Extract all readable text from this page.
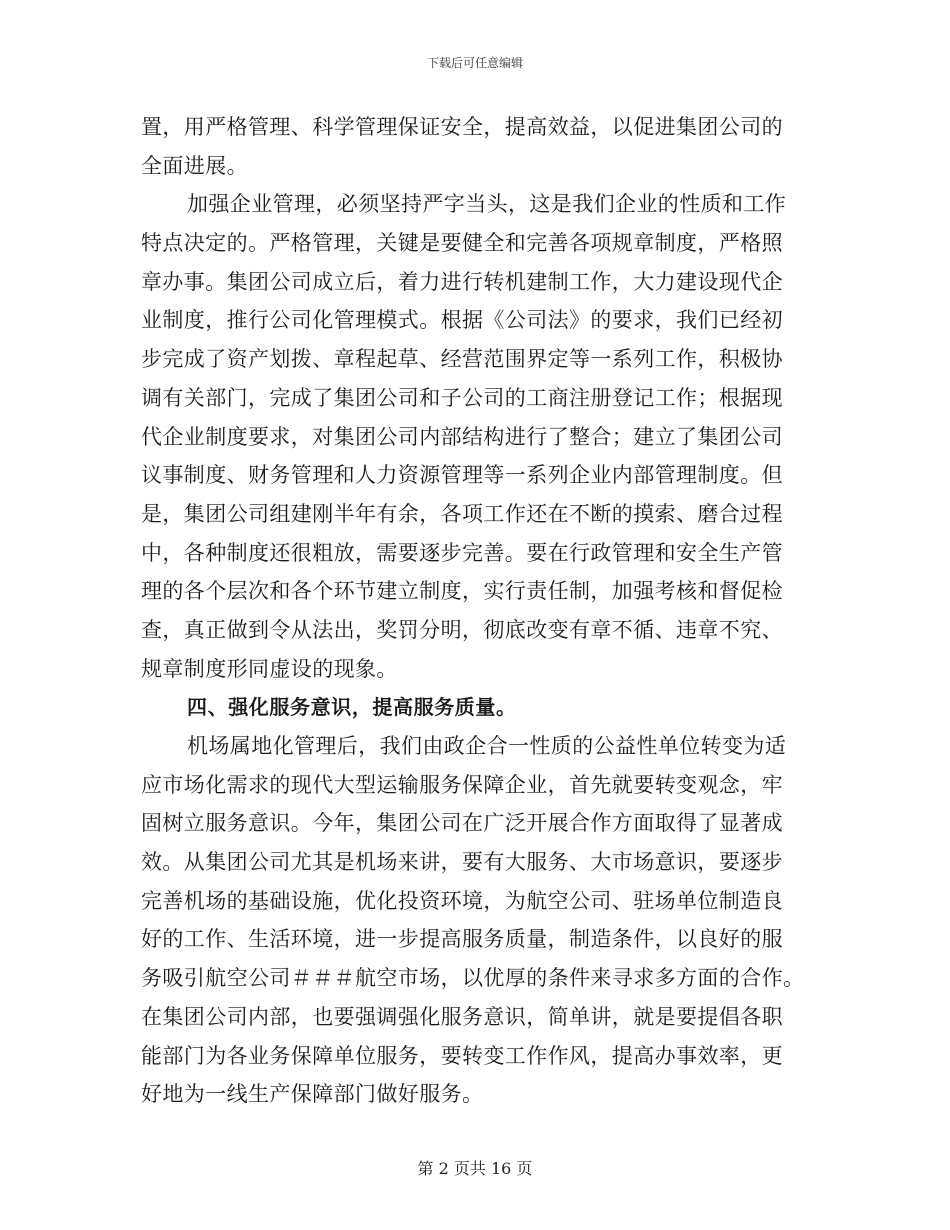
下载后可任意编辑
置，用严格管理、科学管理保证安全，提高效益，以促进集团公司的
全面进展。
加强企业管理，必须坚持严字当头，这是我们企业的性质和工作
特点决定的。严格管理，关键是要健全和完善各项规章制度，严格照
章办事。集团公司成立后，着力进行转机建制工作，大力建设现代企
业制度，推行公司化管理模式。根据《公司法》的要求，我们已经初
步完成了资产划拨、章程起草、经营范围界定等一系列工作，积极协
调有关部门，完成了集团公司和子公司的工商注册登记工作；根据现
代企业制度要求，对集团公司内部结构进行了整合；建立了集团公司
议事制度、财务管理和人力资源管理等一系列企业内部管理制度。但
是，集团公司组建刚半年有余，各项工作还在不断的摸索、磨合过程
中，各种制度还很粗放，需要逐步完善。要在行政管理和安全生产管
理的各个层次和各个环节建立制度，实行责任制，加强考核和督促检
查，真正做到令从法出，奖罚分明，彻底改变有章不循、违章不究、
规章制度形同虚设的现象。
四、强化服务意识，提高服务质量。
机场属地化管理后，我们由政企合一性质的公益性单位转变为适
应市场化需求的现代大型运输服务保障企业，首先就要转变观念，牢
固树立服务意识。今年，集团公司在广泛开展合作方面取得了显著成
效。从集团公司尤其是机场来讲，要有大服务、大市场意识，要逐步
完善机场的基础设施，优化投资环境，为航空公司、驻场单位制造良
好的工作、生活环境，进一步提高服务质量，制造条件，以良好的服
务吸引航空公司＃＃＃航空市场，以优厚的条件来寻求多方面的合作。
在集团公司内部，也要强调强化服务意识，简单讲，就是要提倡各职
能部门为各业务保障单位服务，要转变工作作风，提高办事效率，更
好地为一线生产保障部门做好服务。
第 2 页共 16 页
